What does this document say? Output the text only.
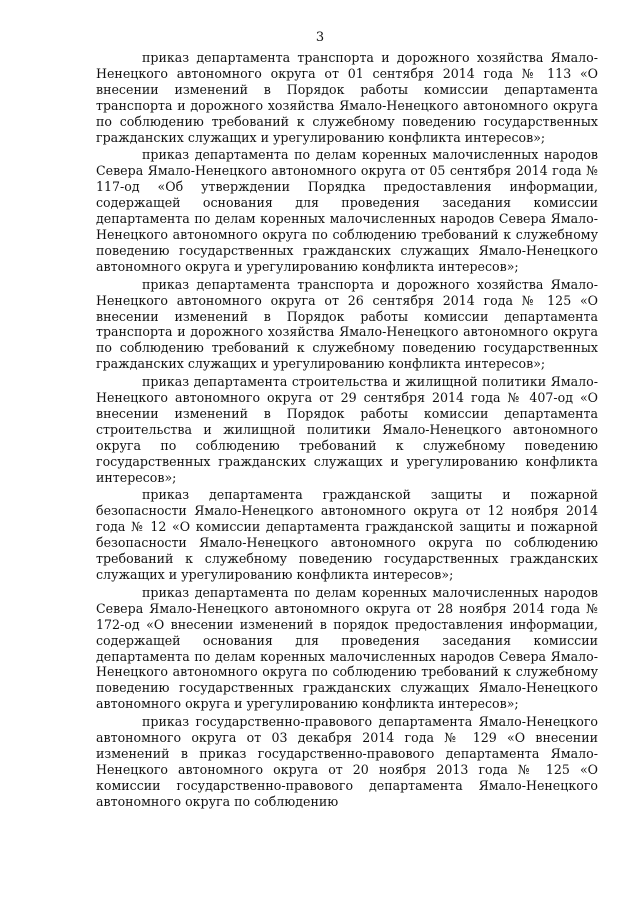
3

приказ департамента транспорта и дорожного хозяйства Ямало-Ненецкого автономного округа от 01 сентября 2014 года № 113 «О внесении изменений в Порядок работы комиссии департамента транспорта и дорожного хозяйства Ямало-Ненецкого автономного округа по соблюдению требований к служебному поведению государственных гражданских служащих и урегулированию конфликта интересов»;

приказ департамента по делам коренных малочисленных народов Севера Ямало-Ненецкого автономного округа от 05 сентября 2014 года № 117-од «Об утверждении Порядка предоставления информации, содержащей основания для проведения заседания комиссии департамента по делам коренных малочисленных народов Севера Ямало-Ненецкого автономного округа по соблюдению требований к служебному поведению государственных гражданских служащих Ямало-Ненецкого автономного округа и урегулированию конфликта интересов»;

приказ департамента транспорта и дорожного хозяйства Ямало-Ненецкого автономного округа от 26 сентября 2014 года № 125 «О внесении изменений в Порядок работы комиссии департамента транспорта и дорожного хозяйства Ямало-Ненецкого автономного округа по соблюдению требований к служебному поведению государственных гражданских служащих и урегулированию конфликта интересов»;

приказ департамента строительства и жилищной политики Ямало-Ненецкого автономного округа от 29 сентября 2014 года № 407-од «О внесении изменений в Порядок работы комиссии департамента строительства и жилищной политики Ямало-Ненецкого автономного округа по соблюдению требований к служебному поведению государственных гражданских служащих и урегулированию конфликта интересов»;

приказ департамента гражданской защиты и пожарной безопасности Ямало-Ненецкого автономного округа от 12 ноября 2014 года № 12 «О комиссии департамента гражданской защиты и пожарной безопасности Ямало-Ненецкого автономного округа по соблюдению требований к служебному поведению государственных гражданских служащих и урегулированию конфликта интересов»;

приказ департамента по делам коренных малочисленных народов Севера Ямало-Ненецкого автономного округа от 28 ноября 2014 года № 172-од «О внесении изменений в порядок предоставления информации, содержащей основания для проведения заседания комиссии департамента по делам коренных малочисленных народов Севера Ямало-Ненецкого автономного округа по соблюдению требований к служебному поведению государственных гражданских служащих Ямало-Ненецкого автономного округа и урегулированию конфликта интересов»;

приказ государственно-правового департамента Ямало-Ненецкого автономного округа от 03 декабря 2014 года № 129 «О внесении изменений в приказ государственно-правового департамента Ямало-Ненецкого автономного округа от 20 ноября 2013 года № 125 «О комиссии государственно-правового департамента Ямало-Ненецкого автономного округа по соблюдению
